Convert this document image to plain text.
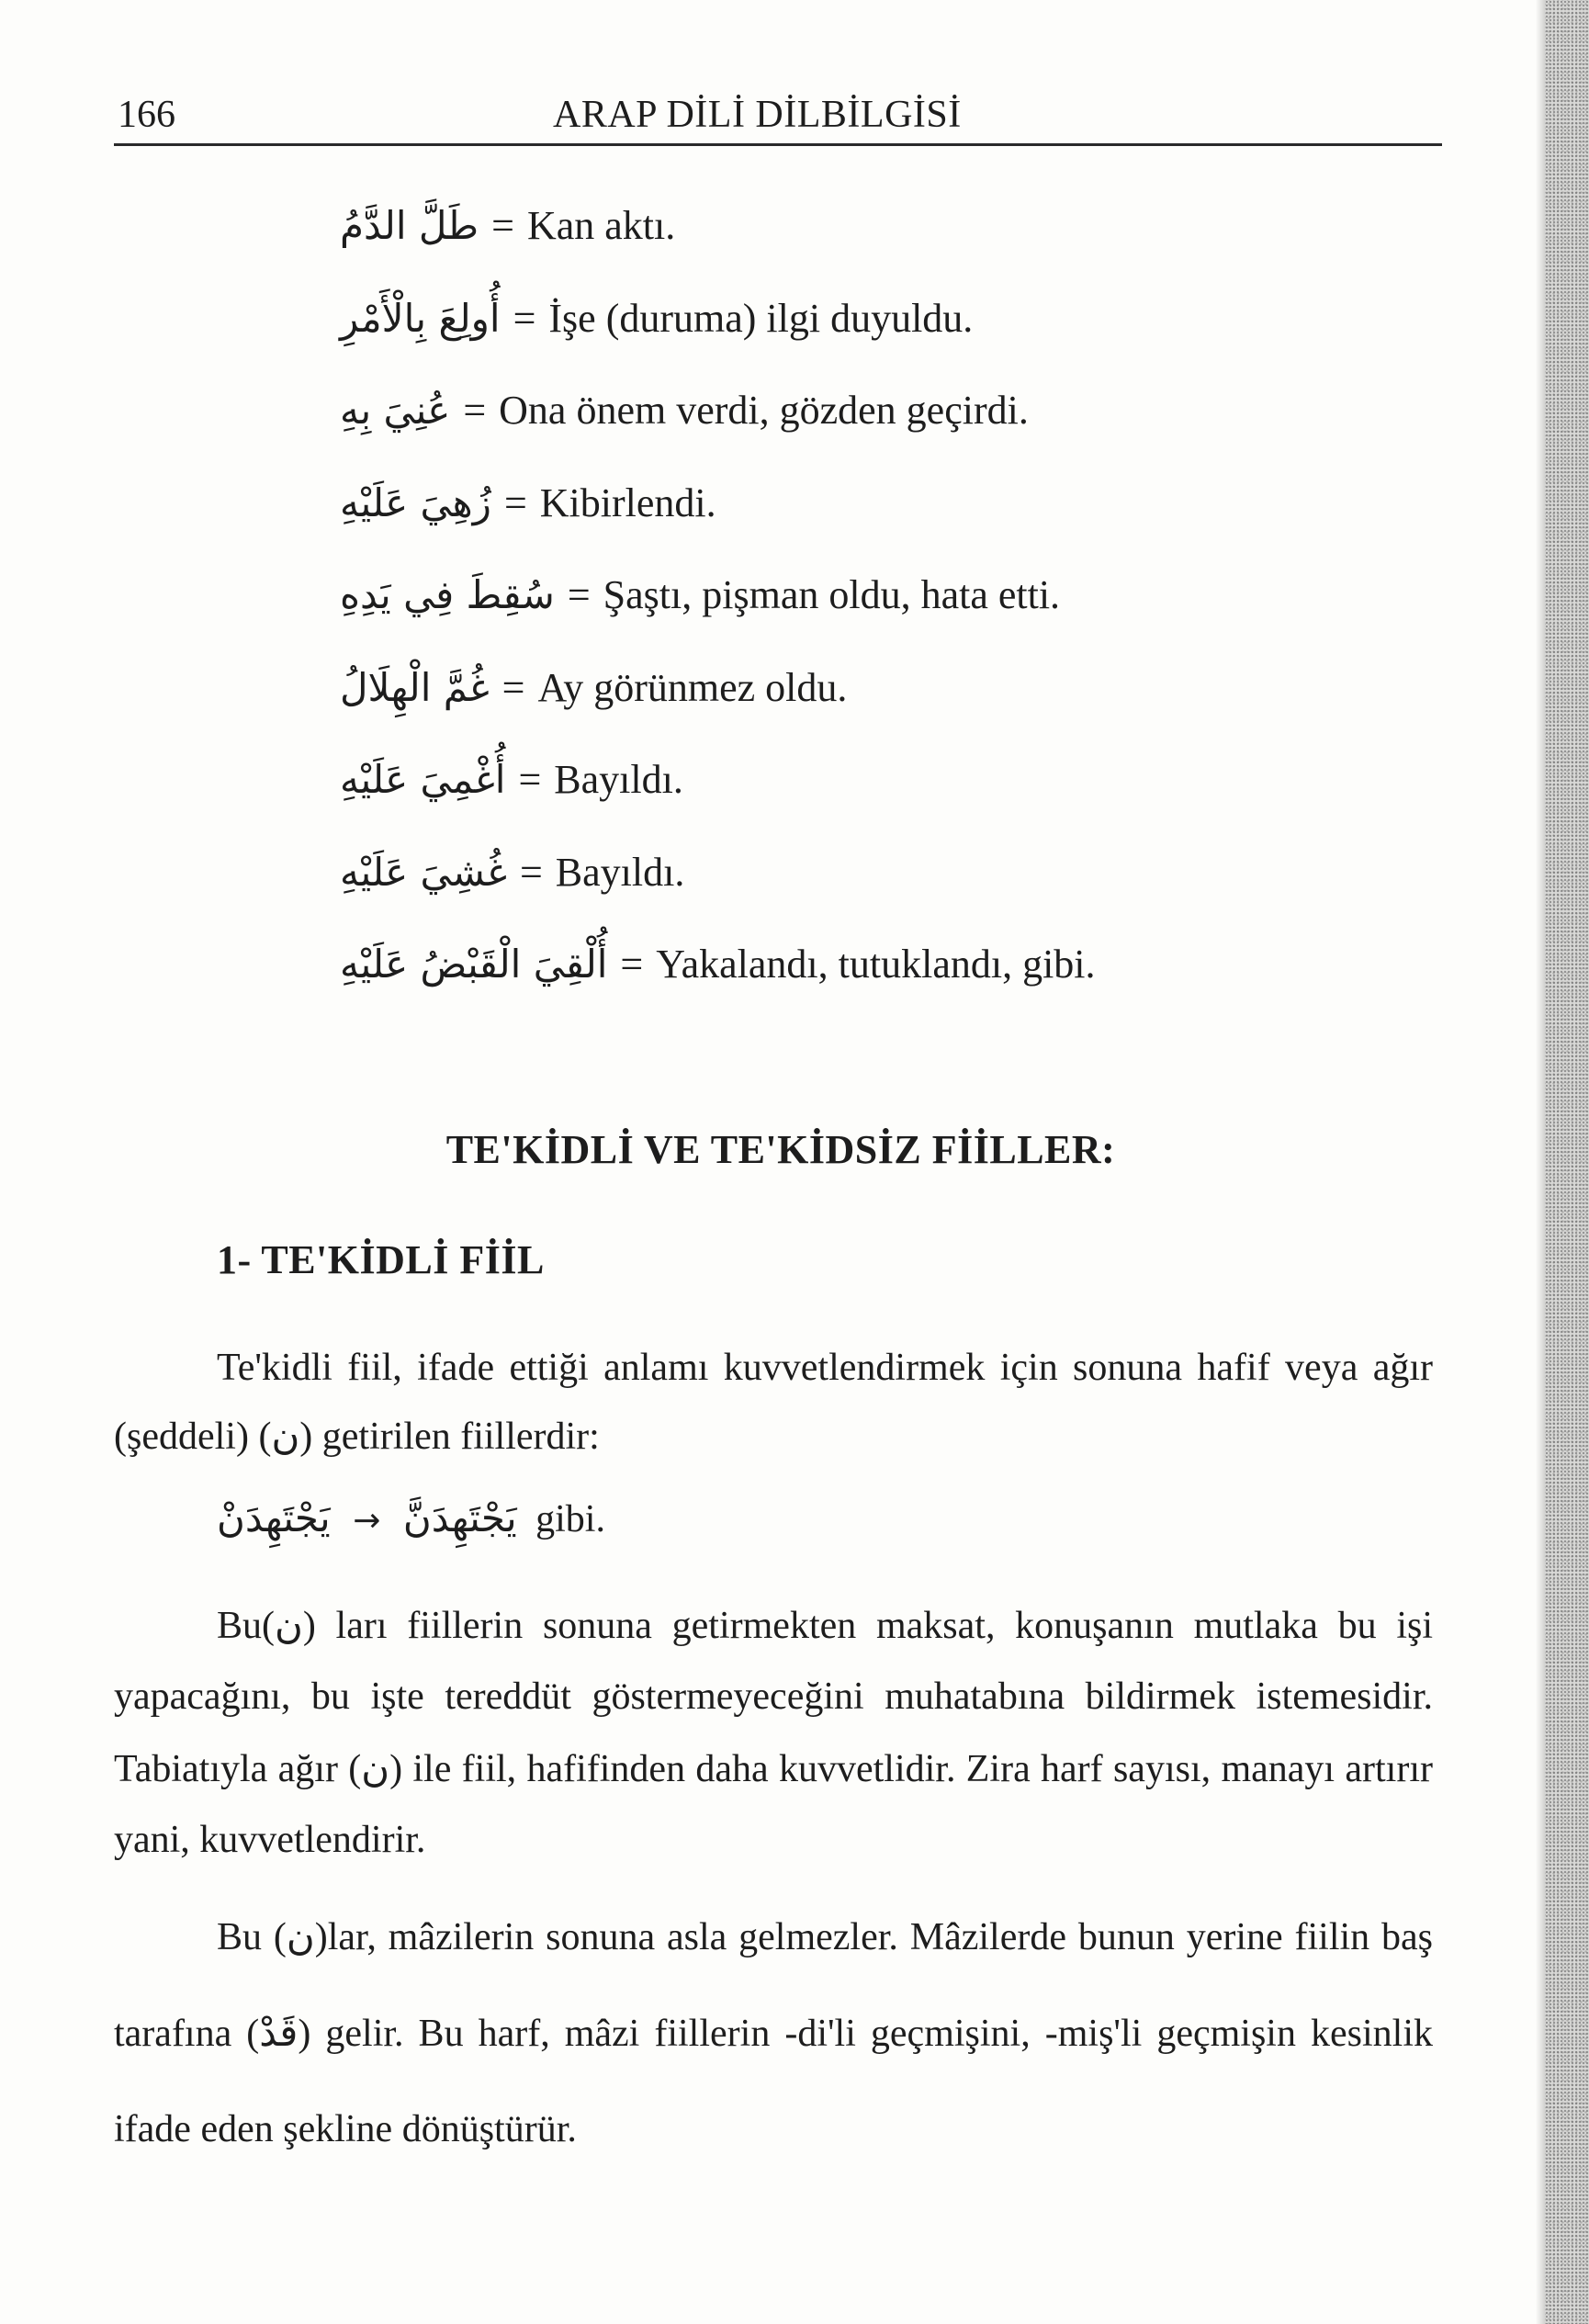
166	ARAP DİLİ DİLBİLGİSİ
طَلَّ الدَّمُ = Kan aktı.
أُولِعَ بِالْأَمْرِ = İşe (duruma) ilgi duyuldu.
عُنِيَ بِهِ = Ona önem verdi, gözden geçirdi.
زُهِيَ عَلَيْهِ = Kibirlendi.
سُقِطَ فِي يَدِهِ = Şaştı, pişman oldu, hata etti.
غُمَّ الْهِلَالُ = Ay görünmez oldu.
أُغْمِيَ عَلَيْهِ = Bayıldı.
غُشِيَ عَلَيْهِ = Bayıldı.
أُلْقِيَ الْقَبْضُ عَلَيْهِ = Yakalandı, tutuklandı, gibi.
TE'KİDLİ VE TE'KİDSİZ FİİLLER:
1- TE'KİDLİ FİİL
Te'kidli fiil, ifade ettiği anlamı kuvvetlendirmek için sonuna hafif veya ağır (şeddeli) (ن) getirilen fiillerdir:
يَجْتَهِدَنْ → يَجْتَهِدَنَّ gibi.
Bu(ن) ları fiillerin sonuna getirmekten maksat, konuşanın mutlaka bu işi yapacağını, bu işte tereddüt göstermeyeceğini muhatabına bildirmek istemesidir. Tabiatıyla ağır (ن) ile fiil, hafifinden daha kuvvetlidir. Zira harf sayısı, manayı artırır yani, kuvvetlendirir.
Bu (ن)lar, mâzilerin sonuna asla gelmezler. Mâzilerde bunun yerine fiilin baş tarafına (قَدْ) gelir. Bu harf, mâzi fiillerin -di'li geçmişini, -miş'li geçmişin kesinlik ifade eden şekline dönüştürür.
